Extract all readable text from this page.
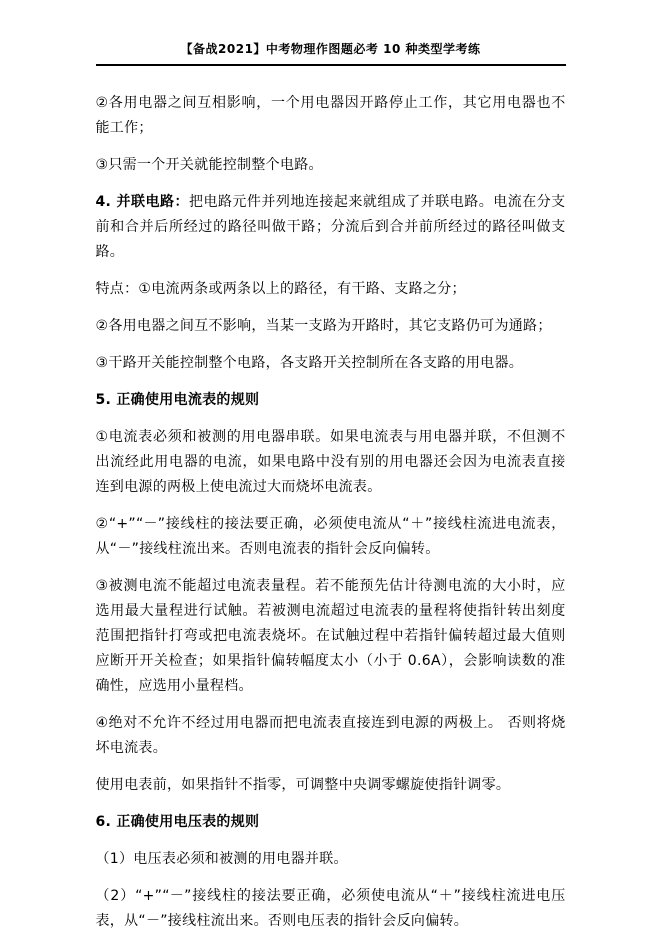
【备战2021】中考物理作图题必考 10 种类型学考练

②各用电器之间互相影响，一个用电器因开路停止工作，其它用电器也不能工作；

③只需一个开关就能控制整个电路。

4. 并联电路：把电路元件并列地连接起来就组成了并联电路。电流在分支前和合并后所经过的路径叫做干路；分流后到合并前所经过的路径叫做支路。

特点：①电流两条或两条以上的路径，有干路、支路之分；

②各用电器之间互不影响，当某一支路为开路时，其它支路仍可为通路；

③干路开关能控制整个电路，各支路开关控制所在各支路的用电器。

5. 正确使用电流表的规则

①电流表必须和被测的用电器串联。如果电流表与用电器并联，不但测不出流经此用电器的电流，如果电路中没有别的用电器还会因为电流表直接连到电源的两极上使电流过大而烧坏电流表。

②“+”“－”接线柱的接法要正确，必须使电流从“＋”接线柱流进电流表，从“－”接线柱流出来。否则电流表的指针会反向偏转。

③被测电流不能超过电流表量程。若不能预先估计待测电流的大小时，应选用最大量程进行试触。若被测电流超过电流表的量程将使指针转出刻度范围把指针打弯或把电流表烧坏。在试触过程中若指针偏转超过最大值则应断开开关检查；如果指针偏转幅度太小（小于 0.6A），会影响读数的准确性，应选用小量程档。

④绝对不允许不经过用电器而把电流表直接连到电源的两极上。 否则将烧坏电流表。

使用电表前，如果指针不指零，可调整中央调零螺旋使指针调零。

6. 正确使用电压表的规则

（1）电压表必须和被测的用电器并联。

（2）“+”“－”接线柱的接法要正确，必须使电流从“＋”接线柱流进电压表，从“－”接线柱流出来。否则电压表的指针会反向偏转。
